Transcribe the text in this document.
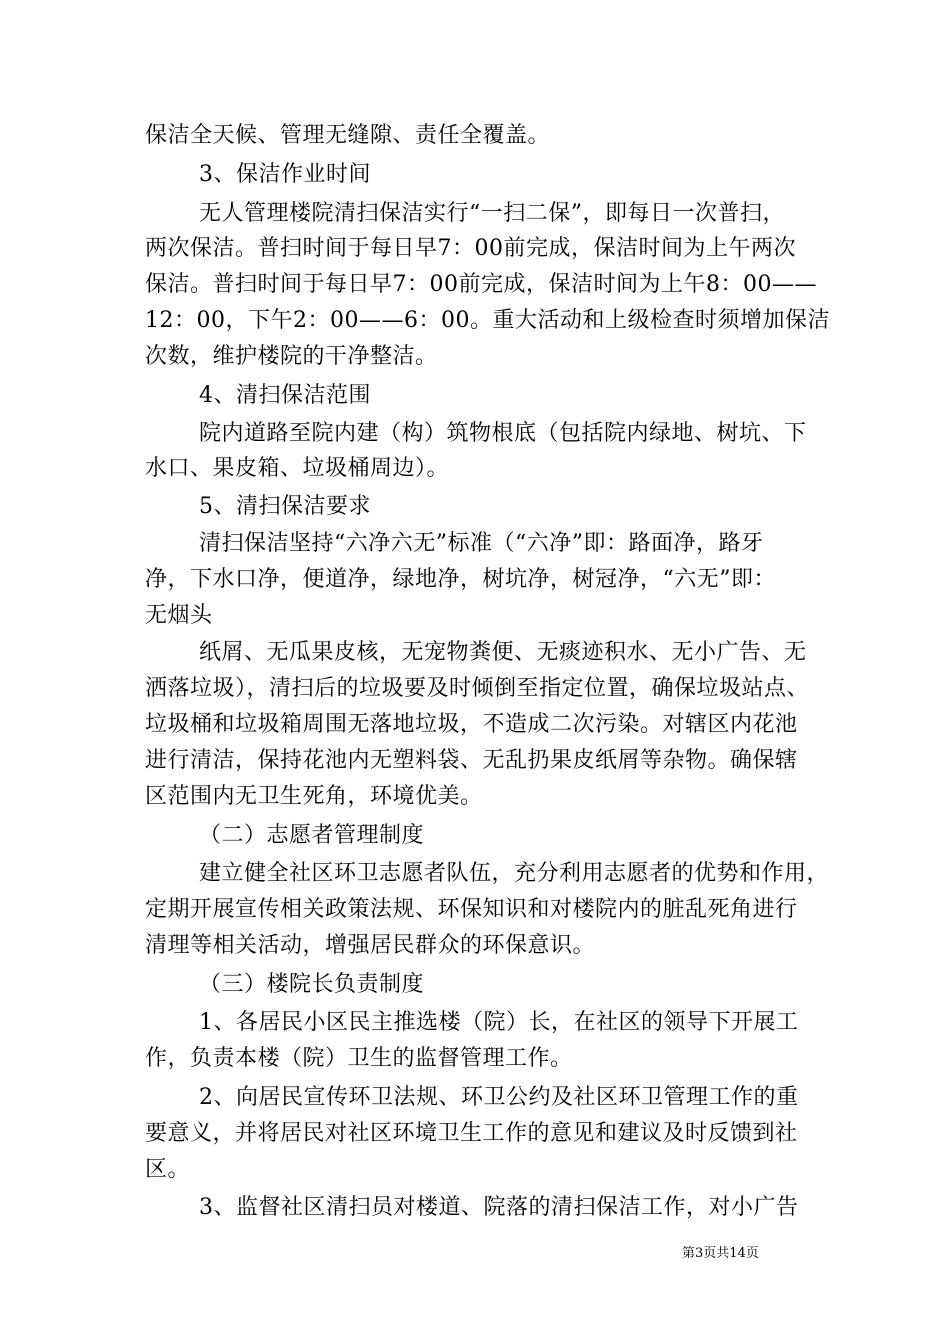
保洁全天候、管理无缝隙、责任全覆盖。
3、保洁作业时间
无人管理楼院清扫保洁实行“一扫二保”，即每日一次普扫，
两次保洁。普扫时间于每日早7：00前完成，保洁时间为上午两次
保洁。普扫时间于每日早7：00前完成，保洁时间为上午8：00——
12：00，下午2：00——6：00。重大活动和上级检查时须增加保洁
次数，维护楼院的干净整洁。
4、清扫保洁范围
院内道路至院内建（构）筑物根底（包括院内绿地、树坑、下
水口、果皮箱、垃圾桶周边）。
5、清扫保洁要求
清扫保洁坚持“六净六无”标准（“六净”即：路面净，路牙
净，下水口净，便道净，绿地净，树坑净，树冠净，“六无”即：
无烟头
纸屑、无瓜果皮核，无宠物粪便、无痰迹积水、无小广告、无
洒落垃圾），清扫后的垃圾要及时倾倒至指定位置，确保垃圾站点、
垃圾桶和垃圾箱周围无落地垃圾，不造成二次污染。对辖区内花池
进行清洁，保持花池内无塑料袋、无乱扔果皮纸屑等杂物。确保辖
区范围内无卫生死角，环境优美。
（二）志愿者管理制度
建立健全社区环卫志愿者队伍，充分利用志愿者的优势和作用，
定期开展宣传相关政策法规、环保知识和对楼院内的脏乱死角进行
清理等相关活动，增强居民群众的环保意识。
（三）楼院长负责制度
1、各居民小区民主推选楼（院）长，在社区的领导下开展工
作，负责本楼（院）卫生的监督管理工作。
2、向居民宣传环卫法规、环卫公约及社区环卫管理工作的重
要意义，并将居民对社区环境卫生工作的意见和建议及时反馈到社
区。
3、监督社区清扫员对楼道、院落的清扫保洁工作，对小广告
第3页共14页
